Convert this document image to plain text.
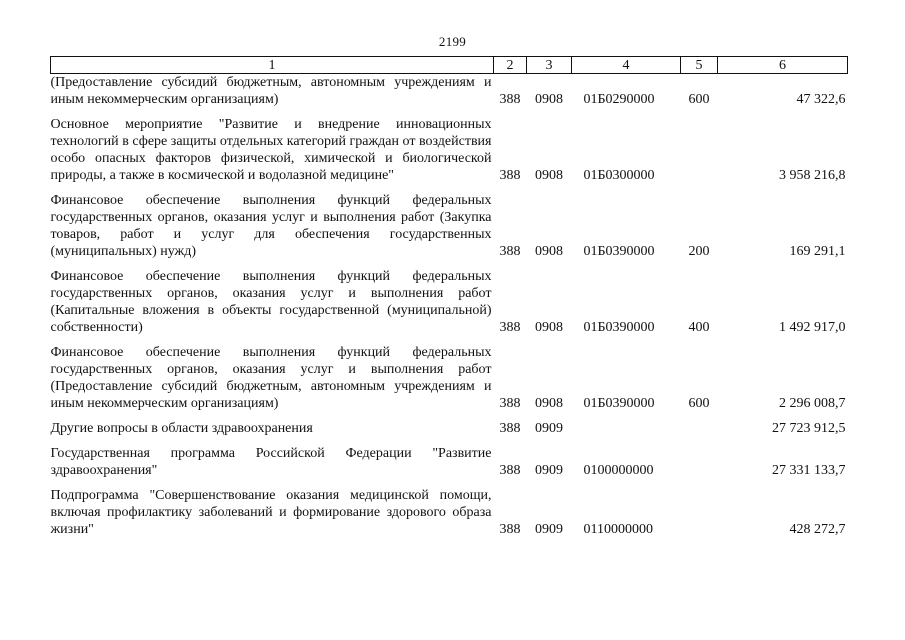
2199
1	2	3	4	5	6
(Предоставление субсидий бюджетным, автономным учреждениям и иным некоммерческим организациям)	388	0908	01Б0290000	600	47 322,6

Основное мероприятие "Развитие и внедрение инновационных технологий в сфере защиты отдельных категорий граждан от воздействия особо опасных факторов физической, химической и биологической природы, а также в космической и водолазной медицине"	388	0908	01Б0300000		3 958 216,8

Финансовое обеспечение выполнения функций федеральных государственных органов, оказания услуг и выполнения работ (Закупка товаров, работ и услуг для обеспечения государственных (муниципальных) нужд)	388	0908	01Б0390000	200	169 291,1

Финансовое обеспечение выполнения функций федеральных государственных органов, оказания услуг и выполнения работ (Капитальные вложения в объекты государственной (муниципальной) собственности)	388	0908	01Б0390000	400	1 492 917,0

Финансовое обеспечение выполнения функций федеральных государственных органов, оказания услуг и выполнения работ (Предоставление субсидий бюджетным, автономным учреждениям и иным некоммерческим организациям)	388	0908	01Б0390000	600	2 296 008,7

Другие вопросы в области здравоохранения	388	0909			27 723 912,5

Государственная программа Российской Федерации "Развитие здравоохранения"	388	0909	0100000000		27 331 133,7

Подпрограмма "Совершенствование оказания медицинской помощи, включая профилактику заболеваний и формирование здорового образа жизни"	388	0909	0110000000		428 272,7
